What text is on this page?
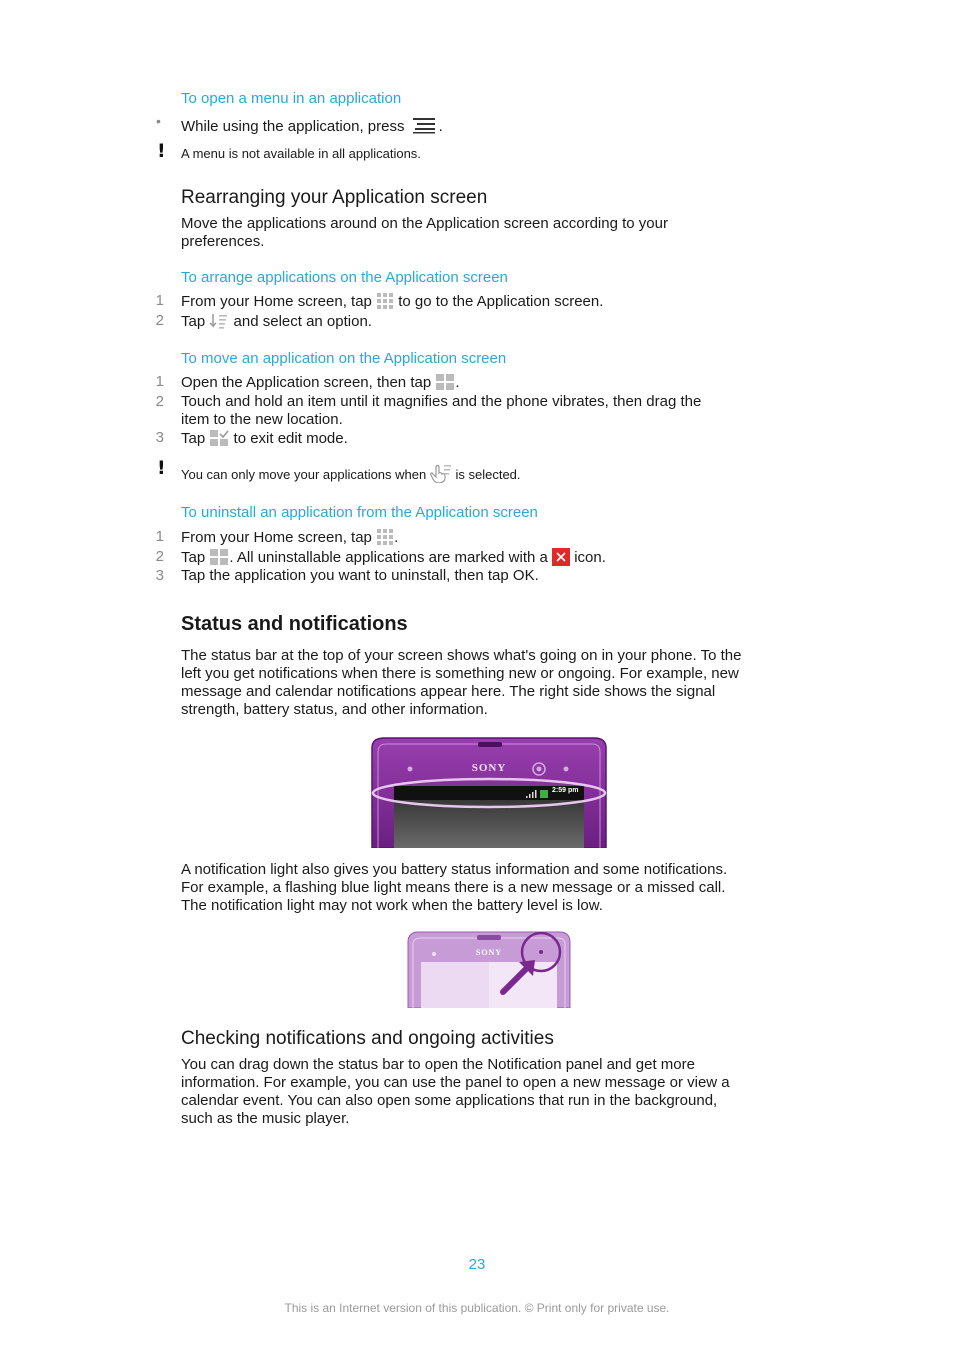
To open a menu in an application
• While using the application, press .
! A menu is not available in all applications.
Rearranging your Application screen
Move the applications around on the Application screen according to your
preferences.
To arrange applications on the Application screen
1 From your Home screen, tap to go to the Application screen.
2 Tap and select an option.
To move an application on the Application screen
1 Open the Application screen, then tap .
2 Touch and hold an item until it magnifies and the phone vibrates, then drag the
item to the new location.
3 Tap to exit edit mode.
! You can only move your applications when is selected.
To uninstall an application from the Application screen
1 From your Home screen, tap .
2 Tap . All uninstallable applications are marked with a icon.
3 Tap the application you want to uninstall, then tap OK.
Status and notifications
The status bar at the top of your screen shows what's going on in your phone. To the
left you get notifications when there is something new or ongoing. For example, new
message and calendar notifications appear here. The right side shows the signal
strength, battery status, and other information.
SONY
2:59 pm
A notification light also gives you battery status information and some notifications.
For example, a flashing blue light means there is a new message or a missed call.
The notification light may not work when the battery level is low.
SONY
Checking notifications and ongoing activities
You can drag down the status bar to open the Notification panel and get more
information. For example, you can use the panel to open a new message or view a
calendar event. You can also open some applications that run in the background,
such as the music player.
23
This is an Internet version of this publication. © Print only for private use.
